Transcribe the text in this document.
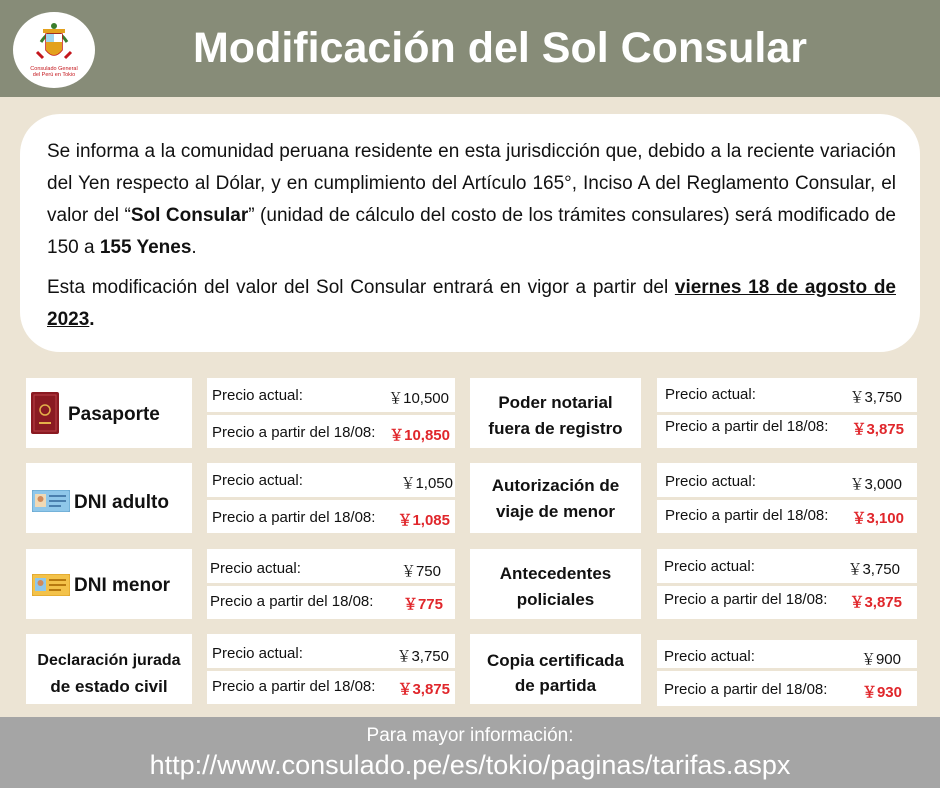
Consulado General
del Perú en Tokio
Modificación del Sol Consular

Se informa a la comunidad peruana residente en esta jurisdicción que, debido a la reciente variación del Yen respecto al Dólar, y en cumplimiento del Artículo 165°, Inciso A del Reglamento Consular, el valor del “Sol Consular” (unidad de cálculo del costo de los trámites consulares) será modificado de 150 a 155 Yenes.

Esta modificación del valor del Sol Consular entrará en vigor a partir del viernes 18 de agosto de 2023.

Pasaporte
Precio actual:	￥10,500
Precio a partir del 18/08: ￥10,850
Poder notarial
fuera de registro
Precio actual:	￥3,750
Precio a partir del 18/08: ￥3,875
DNI adulto
Precio actual:	￥1,050
Precio a partir del 18/08: ￥1,085
Autorización de
viaje de menor
Precio actual:	￥3,000
Precio a partir del 18/08: ￥3,100
DNI menor
Precio actual:	￥750
Precio a partir del 18/08: ￥775
Antecedentes
policiales
Precio actual:	￥3,750
Precio a partir del 18/08: ￥3,875
Declaración jurada
de estado civil
Precio actual:	￥3,750
Precio a partir del 18/08: ￥3,875
Copia certificada
de partida
Precio actual:	￥900
Precio a partir del 18/08: ￥930
Para mayor información:
http://www.consulado.pe/es/tokio/paginas/tarifas.aspx
